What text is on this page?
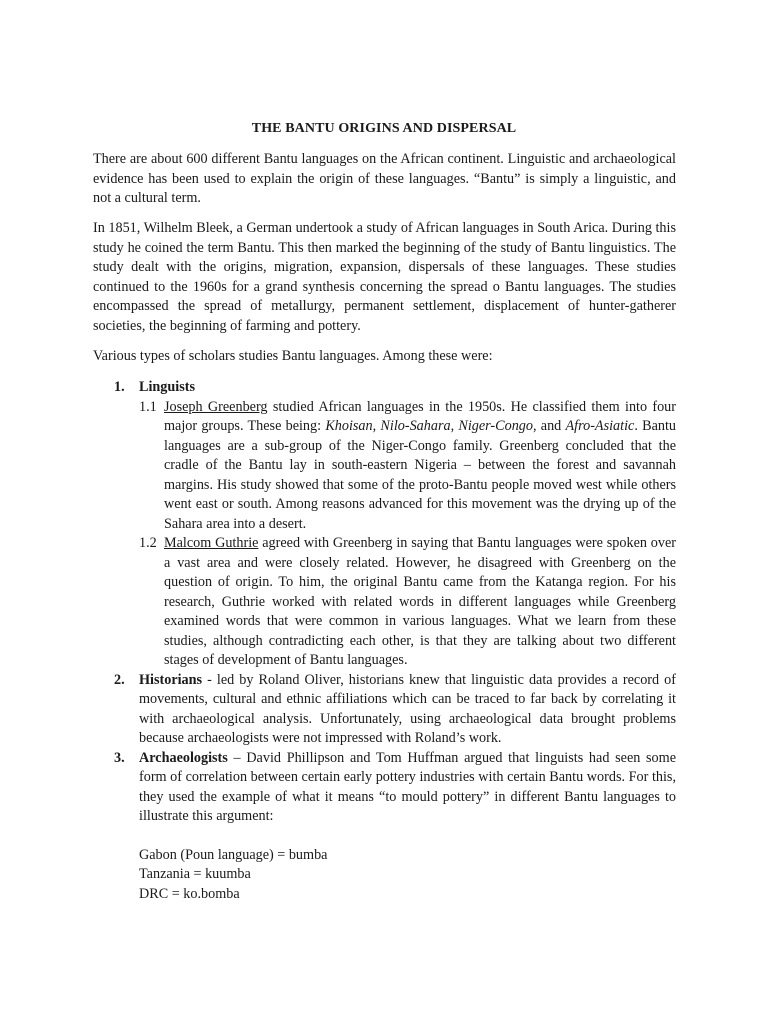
THE BANTU ORIGINS AND DISPERSAL

There are about 600 different Bantu languages on the African continent. Linguistic and archaeological evidence has been used to explain the origin of these languages. “Bantu” is simply a linguistic, and not a cultural term.

In 1851, Wilhelm Bleek, a German undertook a study of African languages in South Arica. During this study he coined the term Bantu. This then marked the beginning of the study of Bantu linguistics. The study dealt with the origins, migration, expansion, dispersals of these languages. These studies continued to the 1960s for a grand synthesis concerning the spread o Bantu languages. The studies encompassed the spread of metallurgy, permanent settlement, displacement of hunter-gatherer societies, the beginning of farming and pottery.

Various types of scholars studies Bantu languages. Among these were:

1. Linguists
1.1 Joseph Greenberg studied African languages in the 1950s. He classified them into four major groups. These being: Khoisan, Nilo-Sahara, Niger-Congo, and Afro-Asiatic. Bantu languages are a sub-group of the Niger-Congo family. Greenberg concluded that the cradle of the Bantu lay in south-eastern Nigeria – between the forest and savannah margins. His study showed that some of the proto-Bantu people moved west while others went east or south. Among reasons advanced for this movement was the drying up of the Sahara area into a desert.
1.2 Malcom Guthrie agreed with Greenberg in saying that Bantu languages were spoken over a vast area and were closely related. However, he disagreed with Greenberg on the question of origin. To him, the original Bantu came from the Katanga region. For his research, Guthrie worked with related words in different languages while Greenberg examined words that were common in various languages. What we learn from these studies, although contradicting each other, is that they are talking about two different stages of development of Bantu languages.
2. Historians - led by Roland Oliver, historians knew that linguistic data provides a record of movements, cultural and ethnic affiliations which can be traced to far back by correlating it with archaeological analysis. Unfortunately, using archaeological data brought problems because archaeologists were not impressed with Roland’s work.
3. Archaeologists – David Phillipson and Tom Huffman argued that linguists had seen some form of correlation between certain early pottery industries with certain Bantu words. For this, they used the example of what it means “to mould pottery” in different Bantu languages to illustrate this argument:
Gabon (Poun language) = bumba
Tanzania = kuumba
DRC = ko.bomba
